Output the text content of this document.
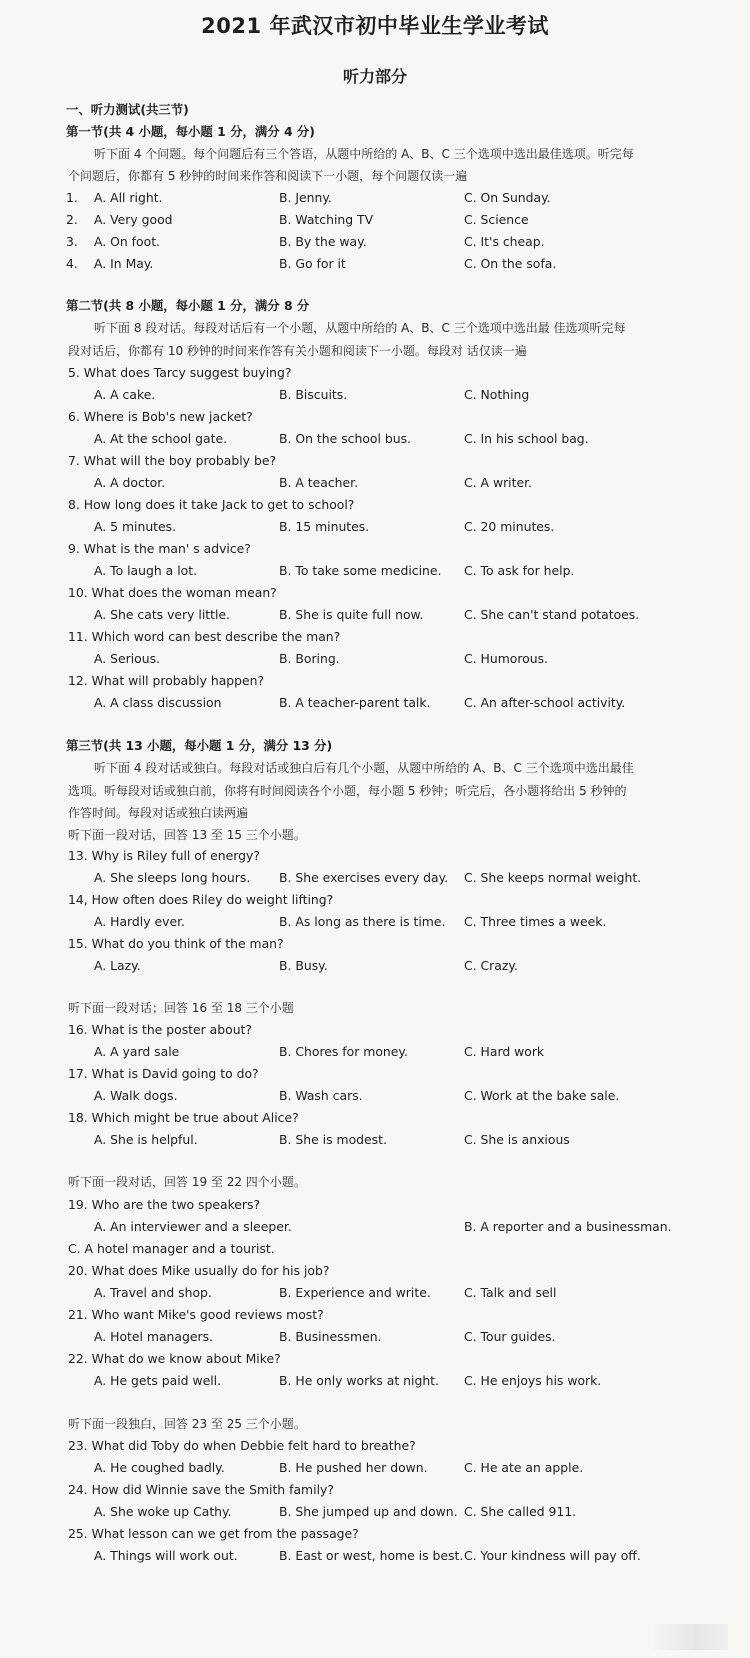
2021 年武汉市初中毕业生学业考试
听力部分
一、听力测试(共三节)
第一节(共 4 小题，每小题 1 分，满分 4 分)
听下面 4 个问题。每个问题后有三个答语，从题中所给的 A、B、C 三个选项中选出最佳选项。听完每
个问题后，你都有 5 秒钟的时间来作答和阅读下一小题，每个问题仅读一遍
1. A. All right.	B. Jenny.	C. On Sunday.
2. A. Very good	B. Watching TV	C. Science
3. A. On foot.	B. By the way.	C. It's cheap.
4. A. In May.	B. Go for it	C. On the sofa.
第二节(共 8 小题，每小题 1 分，满分 8 分
听下面 8 段对话。每段对话后有一个小题，从题中所给的 A、B、C 三个选项中选出最 佳选项听完每
段对话后，你都有 10 秒钟的时间来作答有关小题和阅读下一小题。每段对 话仅读一遍
5. What does Tarcy suggest buying?
A. A cake.	B. Biscuits.	C. Nothing
6. Where is Bob's new jacket?
A. At the school gate.	B. On the school bus.	C. In his school bag.
7. What will the boy probably be?
A. A doctor.	B. A teacher.	C. A writer.
8. How long does it take Jack to get to school?
A. 5 minutes.	B. 15 minutes.	C. 20 minutes.
9. What is the man' s advice?
A. To laugh a lot.	B. To take some medicine. C. To ask for help.
10. What does the woman mean?
A. She cats very little.	B. She is quite full now.	C. She can't stand potatoes.
11. Which word can best describe the man?
A. Serious.	B. Boring.	C. Humorous.
12. What will probably happen?
A. A class discussion	B. A teacher-parent talk.	C. An after-school activity.
第三节(共 13 小题，每小题 1 分，满分 13 分)
听下面 4 段对话或独白。每段对话或独白后有几个小题，从题中所给的 A、B、C 三个选项中选出最佳
选项。听每段对话或独白前，你将有时间阅读各个小题，每小题 5 秒钟；听完后，各小题将给出 5 秒钟的
作答时间。每段对话或独白读两遍
听下面一段对话，回答 13 至 15 三个小题。
13. Why is Riley full of energy?
A. She sleeps long hours. B. She exercises every day. C. She keeps normal weight.
14, How often does Riley do weight lifting?
A. Hardly ever.	B. As long as there is time. C. Three times a week.
15. What do you think of the man?
A. Lazy.	B. Busy.	C. Crazy.
听下面一段对话；回答 16 至 18 三个小题
16. What is the poster about?
A. A yard sale	B. Chores for money.	C. Hard work
17. What is David going to do?
A. Walk dogs.	B. Wash cars.	C. Work at the bake sale.
18. Which might be true about Alice?
A. She is helpful.	B. She is modest.	C. She is anxious
听下面一段对话，回答 19 至 22 四个小题。
19. Who are the two speakers?
A. An interviewer and a sleeper.	B. A reporter and a businessman.
C. A hotel manager and a tourist.
20. What does Mike usually do for his job?
A. Travel and shop.	B. Experience and write.	C. Talk and sell
21. Who want Mike's good reviews most?
A. Hotel managers.	B. Businessmen.	C. Tour guides.
22. What do we know about Mike?
A. He gets paid well.	B. He only works at night. C. He enjoys his work.
听下面一段独白，回答 23 至 25 三个小题。
23. What did Toby do when Debbie felt hard to breathe?
A. He coughed badly.	B. He pushed her down.	C. He ate an apple.
24. How did Winnie save the Smith family?
A. She woke up Cathy.	B. She jumped up and down. C. She called 911.
25. What lesson can we get from the passage?
A. Things will work out.	B. East or west, home is best. C. Your kindness will pay off.
